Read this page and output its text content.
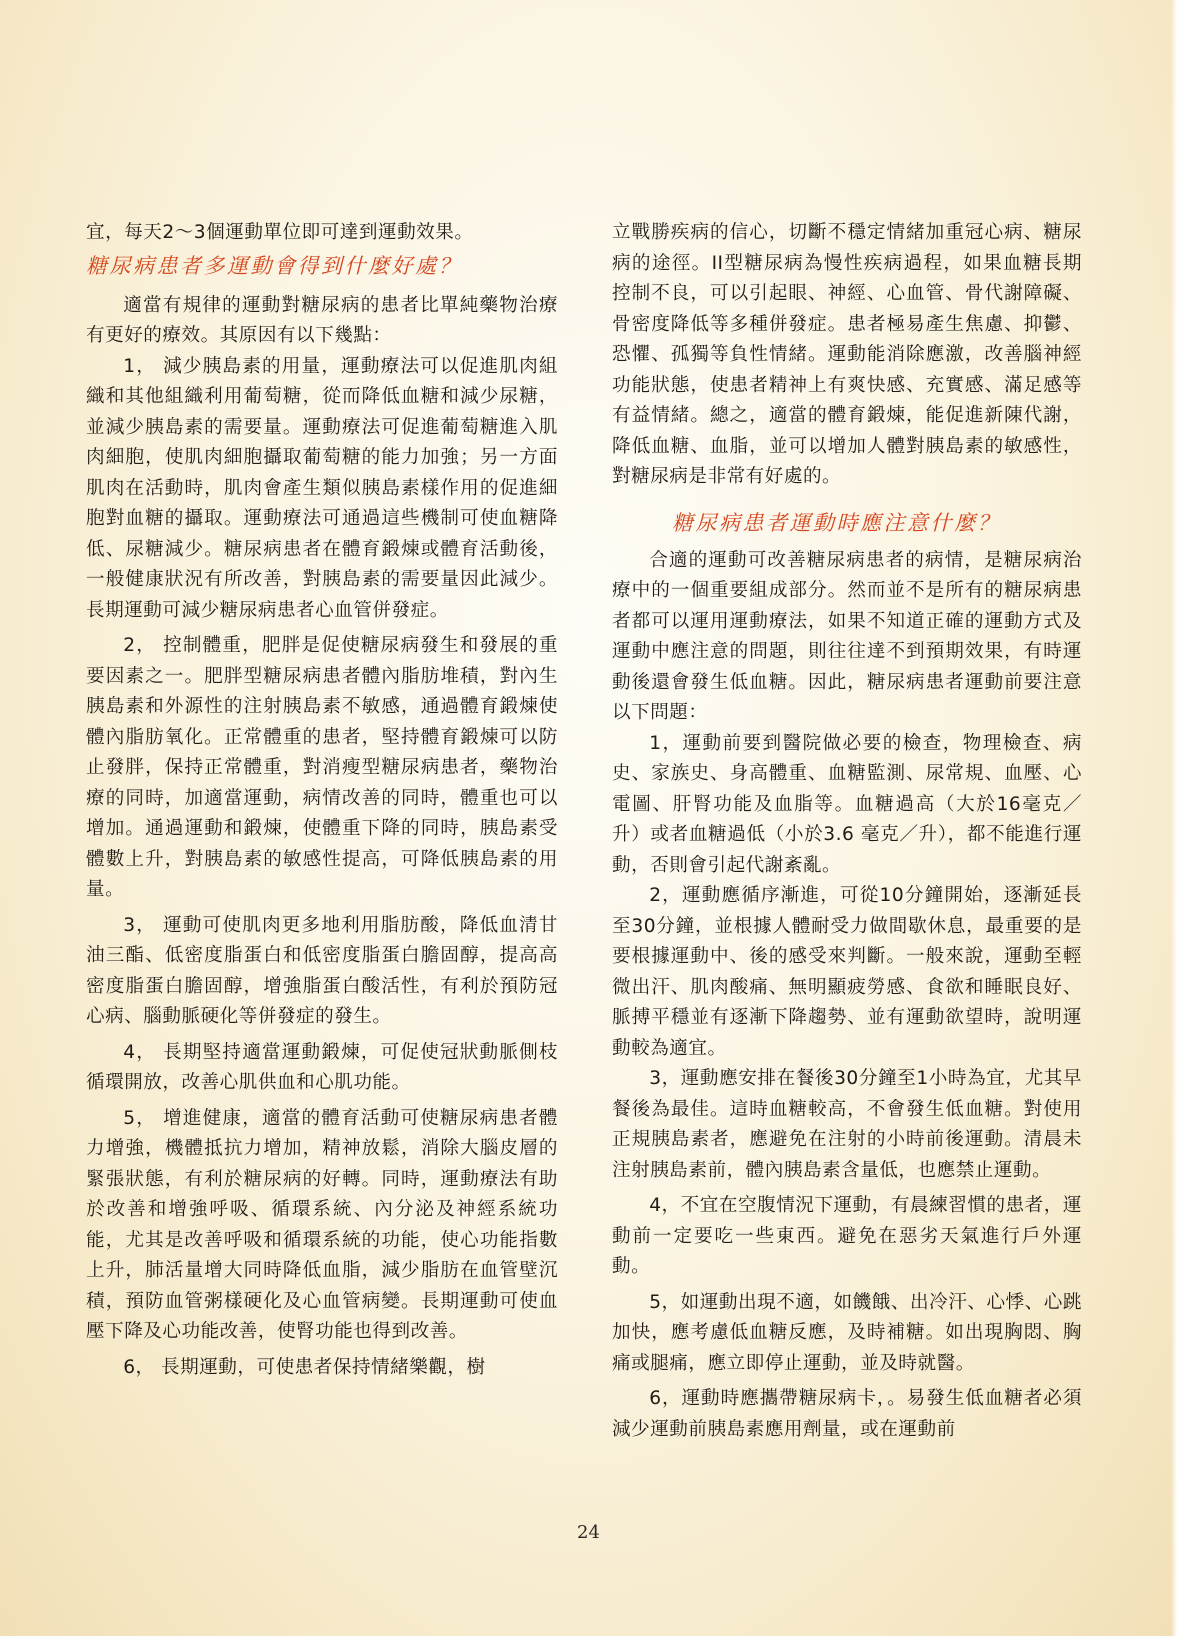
宜，每天2～3個運動單位即可達到運動效果。

糖尿病患者多運動會得到什麼好處？

適當有規律的運動對糖尿病的患者比單純藥物治療有更好的療效。其原因有以下幾點：

1， 減少胰島素的用量，運動療法可以促進肌肉組織和其他組織利用葡萄糖，從而降低血糖和減少尿糖，並減少胰島素的需要量。運動療法可促進葡萄糖進入肌肉細胞，使肌肉細胞攝取葡萄糖的能力加強；另一方面肌肉在活動時，肌肉會產生類似胰島素樣作用的促進細胞對血糖的攝取。運動療法可通過這些機制可使血糖降低、尿糖減少。糖尿病患者在體育鍛煉或體育活動後，一般健康狀況有所改善，對胰島素的需要量因此減少。長期運動可減少糖尿病患者心血管併發症。

2， 控制體重，肥胖是促使糖尿病發生和發展的重要因素之一。肥胖型糖尿病患者體內脂肪堆積，對內生胰島素和外源性的注射胰島素不敏感，通過體育鍛煉使體內脂肪氧化。正常體重的患者，堅持體育鍛煉可以防止發胖，保持正常體重，對消瘦型糖尿病患者，藥物治療的同時，加適當運動，病情改善的同時，體重也可以增加。通過運動和鍛煉，使體重下降的同時，胰島素受體數上升，對胰島素的敏感性提高，可降低胰島素的用量。

3， 運動可使肌肉更多地利用脂肪酸，降低血清甘油三酯、低密度脂蛋白和低密度脂蛋白膽固醇，提高高密度脂蛋白膽固醇，增強脂蛋白酸活性，有利於預防冠心病、腦動脈硬化等併發症的發生。

4， 長期堅持適當運動鍛煉，可促使冠狀動脈側枝循環開放，改善心肌供血和心肌功能。

5， 增進健康，適當的體育活動可使糖尿病患者體力增強，機體抵抗力增加，精神放鬆，消除大腦皮層的緊張狀態，有利於糖尿病的好轉。同時，運動療法有助於改善和增強呼吸、循環系統、內分泌及神經系統功能，尤其是改善呼吸和循環系統的功能，使心功能指數上升，肺活量增大同時降低血脂，減少脂肪在血管壁沉積，預防血管粥樣硬化及心血管病變。長期運動可使血壓下降及心功能改善，使腎功能也得到改善。

6， 長期運動，可使患者保持情緒樂觀，樹

立戰勝疾病的信心，切斷不穩定情緒加重冠心病、糖尿病的途徑。II型糖尿病為慢性疾病過程，如果血糖長期控制不良，可以引起眼、神經、心血管、骨代謝障礙、骨密度降低等多種併發症。患者極易產生焦慮、抑鬱、恐懼、孤獨等負性情緒。運動能消除應激，改善腦神經功能狀態，使患者精神上有爽快感、充實感、滿足感等有益情緒。總之，適當的體育鍛煉，能促進新陳代謝，降低血糖、血脂，並可以增加人體對胰島素的敏感性，對糖尿病是非常有好處的。

糖尿病患者運動時應注意什麼？

合適的運動可改善糖尿病患者的病情，是糖尿病治療中的一個重要組成部分。然而並不是所有的糖尿病患者都可以運用運動療法，如果不知道正確的運動方式及運動中應注意的問題，則往往達不到預期效果，有時運動後還會發生低血糖。因此，糖尿病患者運動前要注意以下問題：

1，運動前要到醫院做必要的檢查，物理檢查、病史、家族史、身高體重、血糖監測、尿常規、血壓、心電圖、肝腎功能及血脂等。血糖過高（大於16毫克／升）或者血糖過低（小於3.6 毫克／升），都不能進行運動，否則會引起代謝紊亂。

2，運動應循序漸進，可從10分鐘開始，逐漸延長至30分鐘，並根據人體耐受力做間歇休息，最重要的是要根據運動中、後的感受來判斷。一般來說，運動至輕微出汗、肌肉酸痛、無明顯疲勞感、食欲和睡眠良好、脈搏平穩並有逐漸下降趨勢、並有運動欲望時，說明運動較為適宜。

3，運動應安排在餐後30分鐘至1小時為宜，尤其早餐後為最佳。這時血糖較高，不會發生低血糖。對使用正規胰島素者，應避免在注射的小時前後運動。清晨未注射胰島素前，體內胰島素含量低，也應禁止運動。

4，不宜在空腹情況下運動，有晨練習慣的患者，運動前一定要吃一些東西。避免在惡劣天氣進行戶外運動。

5，如運動出現不適，如饑餓、出冷汗、心悸、心跳加快，應考慮低血糖反應，及時補糖。如出現胸悶、胸痛或腿痛，應立即停止運動，並及時就醫。

6，運動時應攜帶糖尿病卡，。易發生低血糖者必須減少運動前胰島素應用劑量，或在運動前

24
